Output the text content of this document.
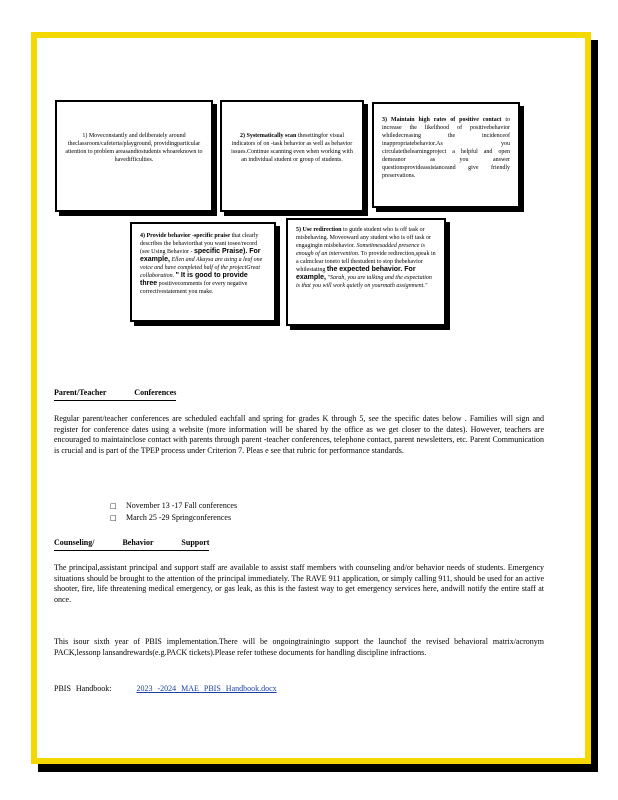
1) Moveconstantly and deliberately around theclassroom/cafeteria/playground, providingparticular attention to problem areasandtostudents whoareknown to havedifficulties.

2) Systematically scan thesettingfor visual indicators of on -task behavior as well as behavior issues.Continue scanning even when working with an individual student or group of students.

3) Maintain high rates of positive contact to increase the likelihood of positivebehavior whiledecreasing the incidenceof inappropriatebehavior.As you circulatethelearningproject a helpful and open demeanor as you answer questionsprovideassistanceand give friendly preservations.

4) Provide behavior -specific praise that clearly describes the behaviorthat you want tosee/record (see Using Behavior - specific Praise). For example, Ellen and Akaysa are using a leaf one voice and have completed half of the projectGreat collaboration. " It is good to provide three positivecomments for every negative correctivestatement you make.

5) Use redirection to guide student who is off task or misbehaving. Moveoward any student who is off task or engagingin misbehavior. Sometimesadded presence is enough of an intervention. To provide redirection,speak in a calmclear toneto tell thestudent to stop thebehavior whilestating the expected behavior. For example, "Sarah, you are talking and the expectation is that you will work quietly on yourmath assignment."

Parent/Teacher Conferences

Regular parent/teacher conferences are scheduled eachfall and spring for grades K through 5, see the specific dates below . Families will sign and register for conference dates using a website (more information will be shared by the office as we get closer to the dates). However, teachers are encouraged to maintainclose contact with parents through parent -teacher conferences, telephone contact, parent newsletters, etc. Parent Communication is crucial and is part of the TPEP process under Criterion 7. Pleas e see that rubric for performance standards.

□ November 13 -17 Fall conferences
□ March 25 -29 Springconferences
Counseling/ Behavior Support

The principal,assistant principal and support staff are available to assist staff members with counseling and/or behavior needs of students. Emergency situations should be brought to the attention of the principal immediately. The RAVE 911 application, or simply calling 911, should be used for an active shooter, fire, life threatening medical emergency, or gas leak, as this is the fastest way to get emergency services here, andwill notify the entire staff at once.

This isour sixth year of PBIS implementation.There will be ongoingtrainingto support the launchof the revised behavioral matrix/acronym PACK,lessonp lansandrewards(e.g.PACK tickets).Please refer tothese documents for handling discipline infractions.

PBIS Handbook:	2023 -2024 MAE PBIS Handbook.docx
